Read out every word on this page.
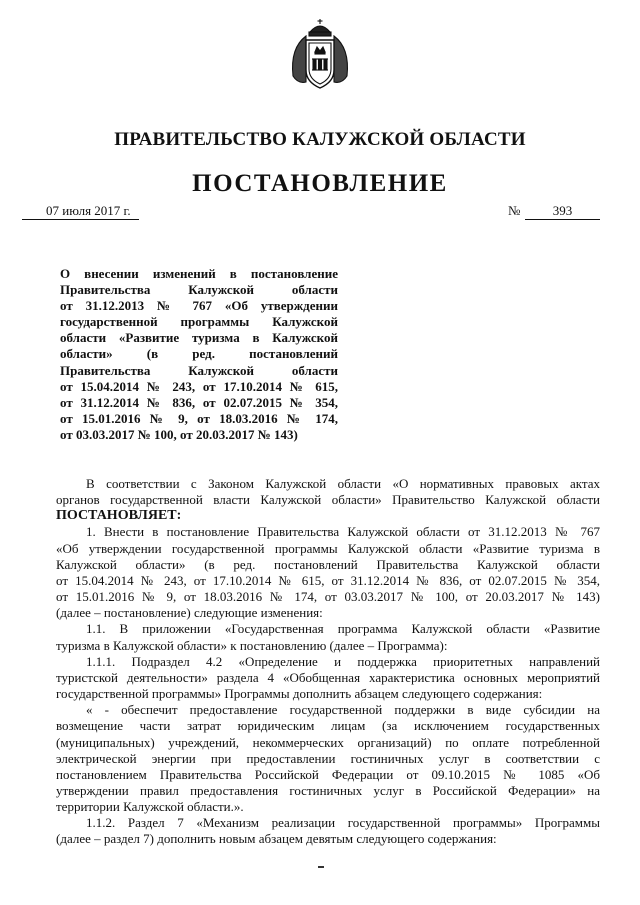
ПРАВИТЕЛЬСТВО КАЛУЖСКОЙ ОБЛАСТИ
ПОСТАНОВЛЕНИЕ
07 июля 2017 г.	№	393
О внесении изменений в постановление
Правительства Калужской области
от 31.12.2013 № 767 «Об утверждении
государственной программы Калужской
области «Развитие туризма в Калужской
области» (в ред. постановлений
Правительства Калужской области
от 15.04.2014 № 243, от 17.10.2014 № 615,
от 31.12.2014 № 836, от 02.07.2015 № 354,
от 15.01.2016 № 9, от 18.03.2016 № 174,
от 03.03.2017 № 100, от 20.03.2017 № 143)
В соответствии с Законом Калужской области «О нормативных правовых актах
органов государственной власти Калужской области» Правительство Калужской области
ПОСТАНОВЛЯЕТ:
1. Внести в постановление Правительства Калужской области от 31.12.2013 № 767
«Об утверждении государственной программы Калужской области «Развитие туризма в
Калужской области» (в ред. постановлений Правительства Калужской области
от 15.04.2014 № 243, от 17.10.2014 № 615, от 31.12.2014 № 836, от 02.07.2015 № 354,
от 15.01.2016 № 9, от 18.03.2016 № 174, от 03.03.2017 № 100, от 20.03.2017 № 143)
(далее – постановление) следующие изменения:
1.1. В приложении «Государственная программа Калужской области «Развитие
туризма в Калужской области» к постановлению (далее – Программа):
1.1.1. Подраздел 4.2 «Определение и поддержка приоритетных направлений
туристской деятельности» раздела 4 «Обобщенная характеристика основных мероприятий
государственной программы» Программы дополнить абзацем следующего содержания:
« - обеспечит предоставление государственной поддержки в виде субсидии на
возмещение части затрат юридическим лицам (за исключением государственных
(муниципальных) учреждений, некоммерческих организаций) по оплате потребленной
электрической энергии при предоставлении гостиничных услуг в соответствии с
постановлением Правительства Российской Федерации от 09.10.2015 № 1085 «Об
утверждении правил предоставления гостиничных услуг в Российской Федерации» на
территории Калужской области.».
1.1.2. Раздел 7 «Механизм реализации государственной программы» Программы
(далее – раздел 7) дополнить новым абзацем девятым следующего содержания:
